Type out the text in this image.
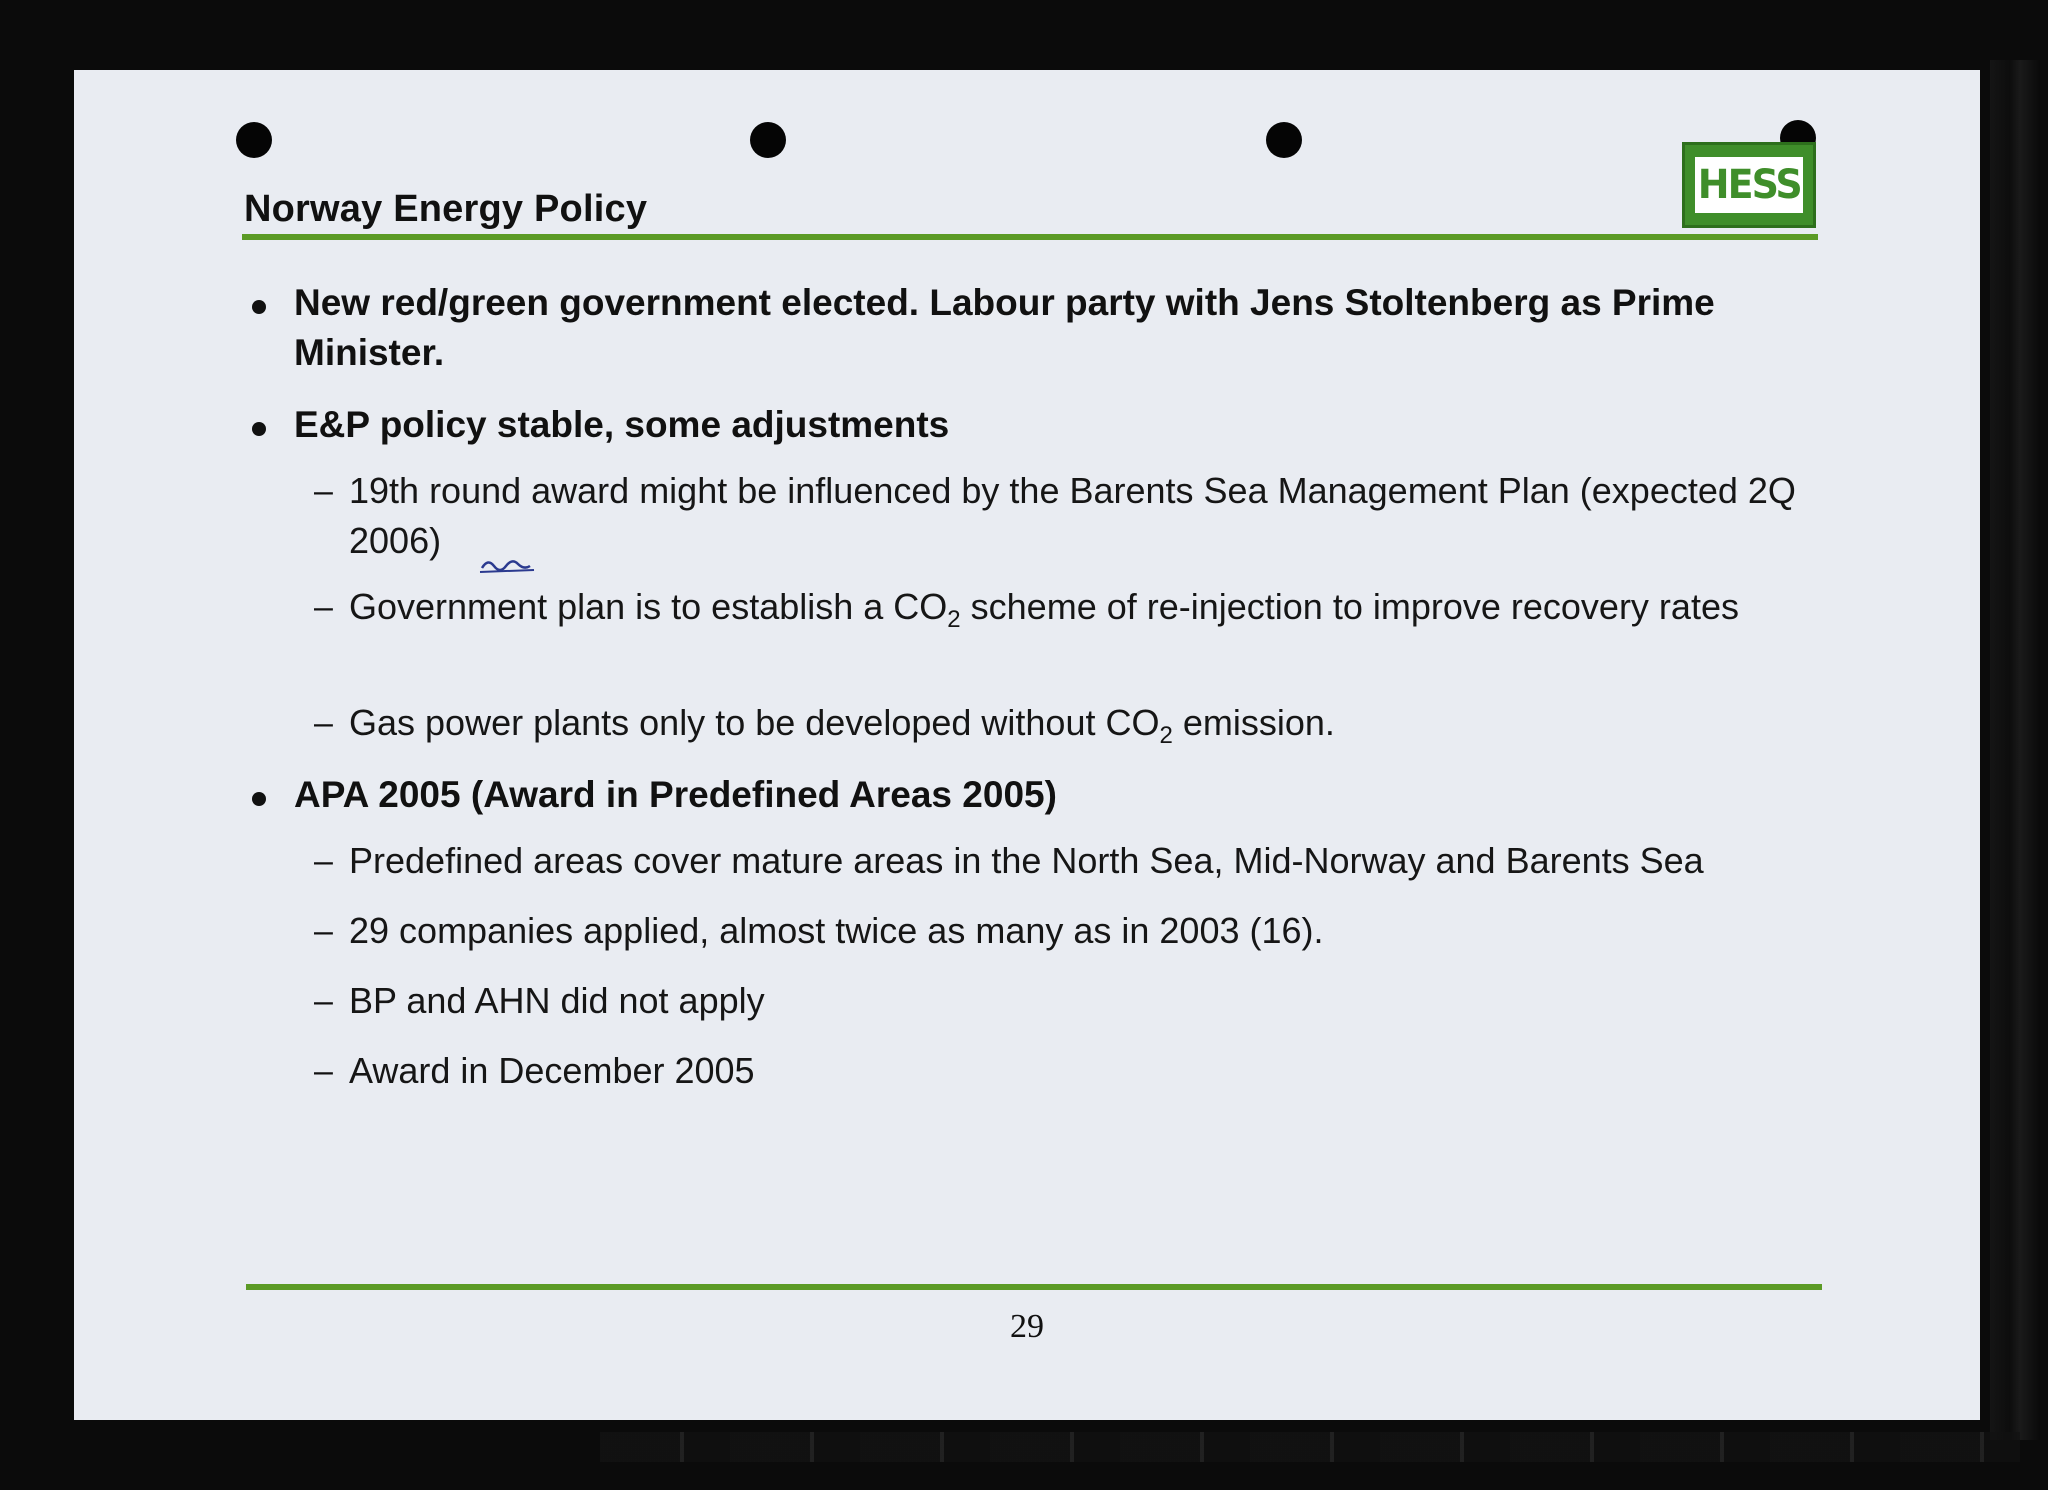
Norway Energy Policy
HESS
New red/green government elected. Labour party with Jens Stoltenberg as Prime Minister.
E&P policy stable, some adjustments
– 19th round award might be influenced by the Barents Sea Management Plan (expected 2Q 2006)
– Government plan is to establish a $CO_2$ scheme of re-injection to improve recovery rates
– Gas power plants only to be developed without $CO_2$ emission.
APA 2005 (Award in Predefined Areas 2005)
– Predefined areas cover mature areas in the North Sea, Mid-Norway and Barents Sea
– 29 companies applied, almost twice as many as in 2003 (16).
– BP and AHN did not apply
– Award in December 2005
29
